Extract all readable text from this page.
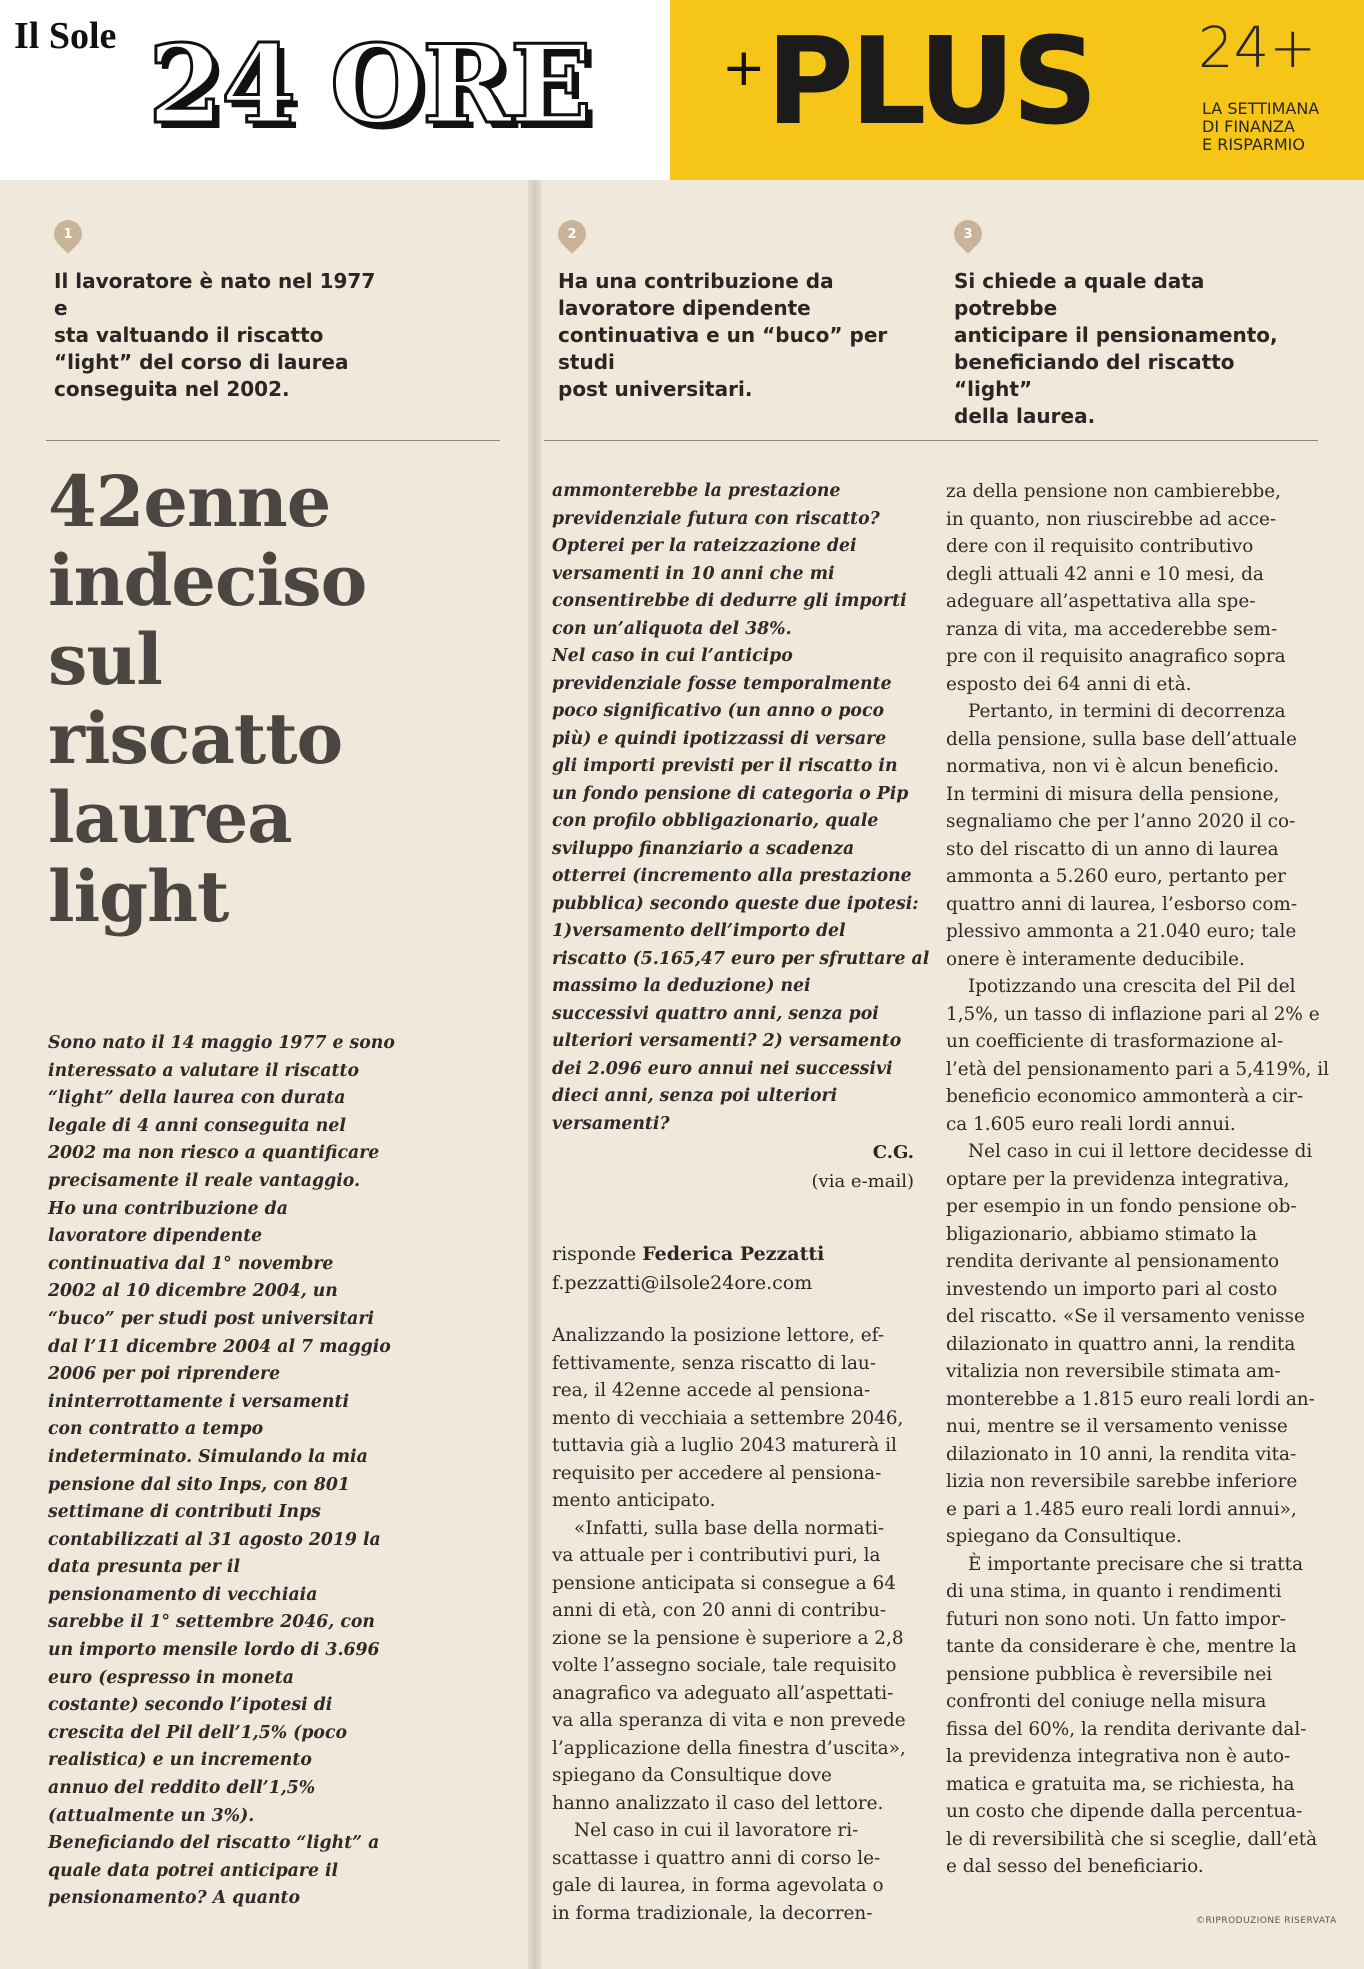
Il Sole 24 ORE	+ PLUS 24+
LA SETTIMANA
DI FINANZA
E RISPARMIO
1
Il lavoratore è nato nel 1977 e
sta valtuando il riscatto
“light” del corso di laurea
conseguita nel 2002.
2
Ha una contribuzione da
lavoratore dipendente
continuativa e un “buco” per studi
post universitari.
3
Si chiede a quale data potrebbe
anticipare il pensionamento,
beneficiando del riscatto “light”
della laurea.
42enne
indeciso
sul
riscatto
laurea
light
Sono nato il 14 maggio 1977 e sono
interessato a valutare il riscatto
“light” della laurea con durata
legale di 4 anni conseguita nel
2002 ma non riesco a quantificare
precisamente il reale vantaggio.
Ho una contribuzione da
lavoratore dipendente
continuativa dal 1° novembre
2002 al 10 dicembre 2004, un
“buco” per studi post universitari
dal l’11 dicembre 2004 al 7 maggio
2006 per poi riprendere
ininterrottamente i versamenti
con contratto a tempo
indeterminato. Simulando la mia
pensione dal sito Inps, con 801
settimane di contributi Inps
contabilizzati al 31 agosto 2019 la
data presunta per il
pensionamento di vecchiaia
sarebbe il 1° settembre 2046, con
un importo mensile lordo di 3.696
euro (espresso in moneta
costante) secondo l’ipotesi di
crescita del Pil dell’1,5% (poco
realistica) e un incremento
annuo del reddito dell’1,5%
(attualmente un 3%).
Beneficiando del riscatto “light” a
quale data potrei anticipare il
pensionamento? A quanto
ammonterebbe la prestazione
previdenziale futura con riscatto?
Opterei per la rateizzazione dei
versamenti in 10 anni che mi
consentirebbe di dedurre gli importi
con un’aliquota del 38%.
Nel caso in cui l’anticipo
previdenziale fosse temporalmente
poco significativo (un anno o poco
più) e quindi ipotizzassi di versare
gli importi previsti per il riscatto in
un fondo pensione di categoria o Pip
con profilo obbligazionario, quale
sviluppo finanziario a scadenza
otterrei (incremento alla prestazione
pubblica) secondo queste due ipotesi:
1)versamento dell’importo del
riscatto (5.165,47 euro per sfruttare al
massimo la deduzione) nei
successivi quattro anni, senza poi
ulteriori versamenti? 2) versamento
dei 2.096 euro annui nei successivi
dieci anni, senza poi ulteriori
versamenti?
C.G.
(via e-mail)
risponde Federica Pezzatti
f.pezzatti@ilsole24ore.com
Analizzando la posizione lettore, ef-
fettivamente, senza riscatto di lau-
rea, il 42enne accede al pensiona-
mento di vecchiaia a settembre 2046,
tuttavia già a luglio 2043 maturerà il
requisito per accedere al pensiona-
mento anticipato.
«Infatti, sulla base della normati-
va attuale per i contributivi puri, la
pensione anticipata si consegue a 64
anni di età, con 20 anni di contribu-
zione se la pensione è superiore a 2,8
volte l’assegno sociale, tale requisito
anagrafico va adeguato all’aspettati-
va alla speranza di vita e non prevede
l’applicazione della finestra d’uscita»,
spiegano da Consultique dove
hanno analizzato il caso del lettore.
Nel caso in cui il lavoratore ri-
scattasse i quattro anni di corso le-
gale di laurea, in forma agevolata o
in forma tradizionale, la decorren-
za della pensione non cambierebbe,
in quanto, non riuscirebbe ad acce-
dere con il requisito contributivo
degli attuali 42 anni e 10 mesi, da
adeguare all’aspettativa alla spe-
ranza di vita, ma accederebbe sem-
pre con il requisito anagrafico sopra
esposto dei 64 anni di età.
Pertanto, in termini di decorrenza
della pensione, sulla base dell’attuale
normativa, non vi è alcun beneficio.
In termini di misura della pensione,
segnaliamo che per l’anno 2020 il co-
sto del riscatto di un anno di laurea
ammonta a 5.260 euro, pertanto per
quattro anni di laurea, l’esborso com-
plessivo ammonta a 21.040 euro; tale
onere è interamente deducibile.
Ipotizzando una crescita del Pil del
1,5%, un tasso di inflazione pari al 2% e
un coefficiente di trasformazione al-
l’età del pensionamento pari a 5,419%, il
beneficio economico ammonterà a cir-
ca 1.605 euro reali lordi annui.
Nel caso in cui il lettore decidesse di
optare per la previdenza integrativa,
per esempio in un fondo pensione ob-
bligazionario, abbiamo stimato la
rendita derivante al pensionamento
investendo un importo pari al costo
del riscatto. «Se il versamento venisse
dilazionato in quattro anni, la rendita
vitalizia non reversibile stimata am-
monterebbe a 1.815 euro reali lordi an-
nui, mentre se il versamento venisse
dilazionato in 10 anni, la rendita vita-
lizia non reversibile sarebbe inferiore
e pari a 1.485 euro reali lordi annui»,
spiegano da Consultique.
È importante precisare che si tratta
di una stima, in quanto i rendimenti
futuri non sono noti. Un fatto impor-
tante da considerare è che, mentre la
pensione pubblica è reversibile nei
confronti del coniuge nella misura
fissa del 60%, la rendita derivante dal-
la previdenza integrativa non è auto-
matica e gratuita ma, se richiesta, ha
un costo che dipende dalla percentua-
le di reversibilità che si sceglie, dall’età
e dal sesso del beneficiario.
©RIPRODUZIONE RISERVATA
